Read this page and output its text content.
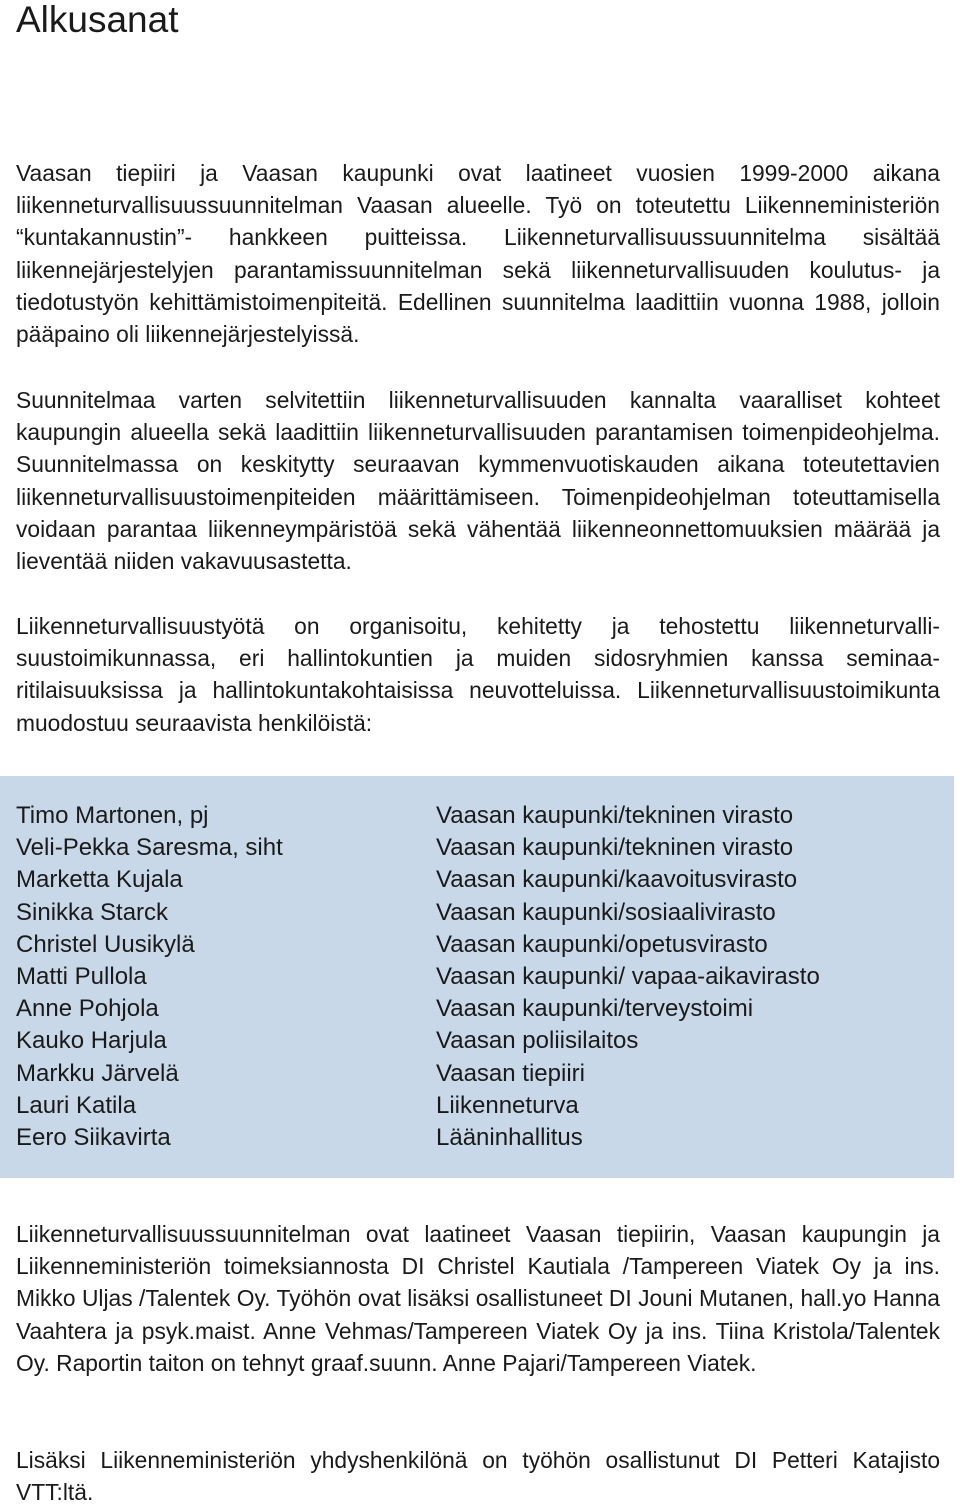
Alkusanat

Vaasan tiepiiri ja Vaasan kaupunki ovat laatineet vuosien 1999-2000 aikana liikenneturvallisuussuunnitelman Vaasan alueelle. Työ on toteutettu Liikenneministeriön “kuntakannustin”- hankkeen puitteissa. Liikenneturvallisuussuunnitelma sisältää liikennejärjestelyjen parantamissuunnitelman sekä liikenneturvallisuuden koulutus- ja tiedotustyön kehittämistoimenpiteitä. Edellinen suunnitelma laadittiin vuonna 1988, jolloin pääpaino oli liikennejärjestelyissä.

Suunnitelmaa varten selvitettiin liikenneturvallisuuden kannalta vaaralliset kohteet kaupungin alueella sekä laadittiin liikenneturvallisuuden parantamisen toimenpideohjelma. Suunnitelmassa on keskitytty seuraavan kymmenvuotiskauden aikana toteutettavien liikenneturvallisuustoimenpiteiden määrittämiseen. Toimenpideohjelman toteuttamisella voidaan parantaa liikenneympäristöä sekä vähentää liikenneonnettomuuksien määrää ja lieventää niiden vakavuusastetta.

Liikenneturvallisuustyötä on organisoitu, kehitetty ja tehostettu liikenneturvallisuustoimikunnassa, eri hallintokuntien ja muiden sidosryhmien kanssa seminaaritilaisuuksissa ja hallintokuntakohtaisissa neuvotteluissa. Liikenneturvallisuustoimikunta muodostuu seuraavista henkilöistä:

Timo Martonen, pj	Vaasan kaupunki/tekninen virasto
Veli-Pekka Saresma, siht	Vaasan kaupunki/tekninen virasto
Marketta Kujala	Vaasan kaupunki/kaavoitusvirasto
Sinikka Starck	Vaasan kaupunki/sosiaalivirasto
Christel Uusikylä	Vaasan kaupunki/opetusvirasto
Matti Pullola	Vaasan kaupunki/ vapaa-aikavirasto
Anne Pohjola	Vaasan kaupunki/terveystoimi
Kauko Harjula	Vaasan poliisilaitos
Markku Järvelä	Vaasan tiepiiri
Lauri Katila	Liikenneturva
Eero Siikavirta	Lääninhallitus

Liikenneturvallisuussuunnitelman ovat laatineet Vaasan tiepiirin, Vaasan kaupungin ja Liikenneministeriön toimeksiannosta DI Christel Kautiala /Tampereen Viatek Oy ja ins. Mikko Uljas /Talentek Oy. Työhön ovat lisäksi osallistuneet DI Jouni Mutanen, hall.yo Hanna Vaahtera ja psyk.maist. Anne Vehmas/Tampereen Viatek Oy ja ins. Tiina Kristola/Talentek Oy. Raportin taiton on tehnyt graaf.suunn. Anne Pajari/Tampereen Viatek.

Lisäksi Liikenneministeriön yhdyshenkilönä on työhön osallistunut DI Petteri Katajisto VTT:ltä.
